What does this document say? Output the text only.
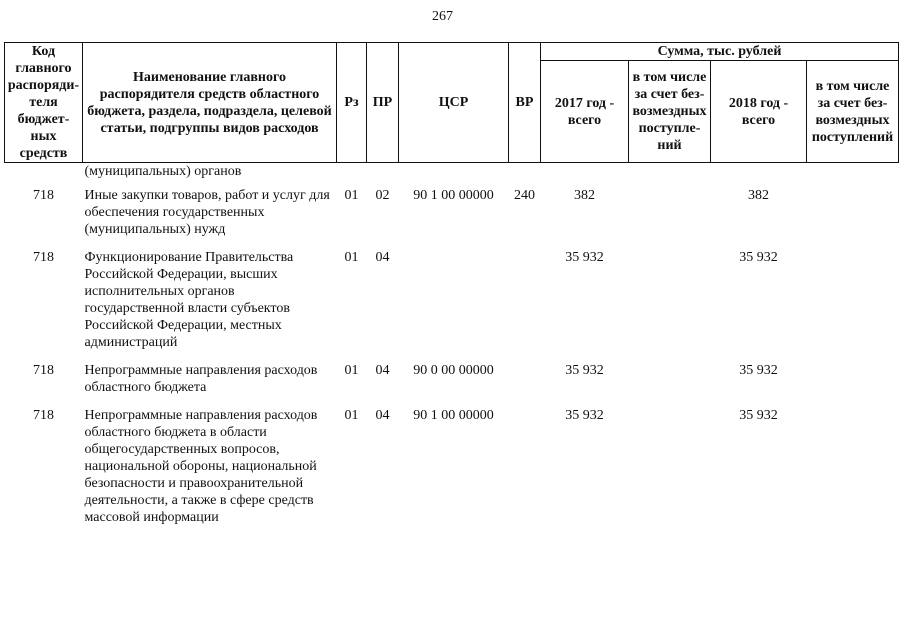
267
Код главного распорядителя бюджетных средств	Наименование главного распорядителя средств областного бюджета, раздела, подраздела, целевой статьи, подгруппы видов расходов	Рз	ПР	ЦСР	ВР	Сумма, тыс. рублей			
						2017 год - всего	в том числе за счет безвозмездных поступлений	2018 год - всего	в том числе за счет безвозмездных поступлений
	(муниципальных) органов								
718	Иные закупки товаров, работ и услуг для обеспечения государственных (муниципальных) нужд	01	02	90 1 00 00000	240	382		382	
718	Функционирование Правительства Российской Федерации, высших исполнительных органов государственной власти субъектов Российской Федерации, местных администраций	01	04			35 932		35 932	
718	Непрограммные направления расходов областного бюджета	01	04	90 0 00 00000		35 932		35 932	
718	Непрограммные направления расходов областного бюджета в области общегосударственных вопросов, национальной обороны, национальной безопасности и правоохранительной деятельности, а также в сфере средств массовой информации	01	04	90 1 00 00000		35 932		35 932	
